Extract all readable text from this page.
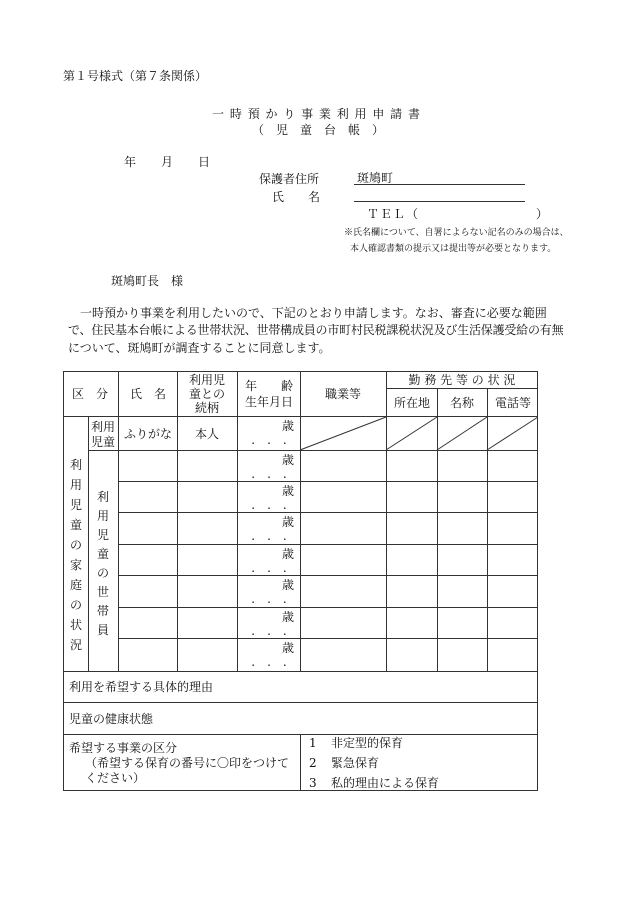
第１号様式（第７条関係）
一 時 預 か り 事 業 利 用 申 請 書
（　児　童　台　帳　）
年 月 日
保護者住所	斑鳩町
氏　　名
ＴＥＬ（　　　　　　　　　）
※氏名欄について、自署によらない記名のみの場合は、
本人確認書類の提示又は提出等が必要となります。
斑鳩町長　様
　一時預かり事業を利用したいので、下記のとおり申請します。なお、審査に必要な範囲
で、住民基本台帳による世帯状況、世帯構成員の市町村民税課税状況及び生活保護受給の有無
について、斑鳩町が調査することに同意します。
区　分 氏　名
利用児
童との
続柄
年　　齢
生年月日
職業等
勤 務 先 等 の 状 況
所在地 名称 電話等
利用
児童
ふりがな 本人
利
用
児
童
の
家
庭
の
状
況
利
用
児
童
の
世
帯
員
歳
.　.　.
歳
.　.　.
歳
.　.　.
歳
.　.　.
歳
.　.　.
歳
.　.　.
歳
.　.　.
歳
.　.　.
利用を希望する具体的理由
児童の健康状態
希望する事業の区分
（希望する保育の番号に〇印をつけて
ください）
1 非定型的保育
2 緊急保育
3 私的理由による保育
